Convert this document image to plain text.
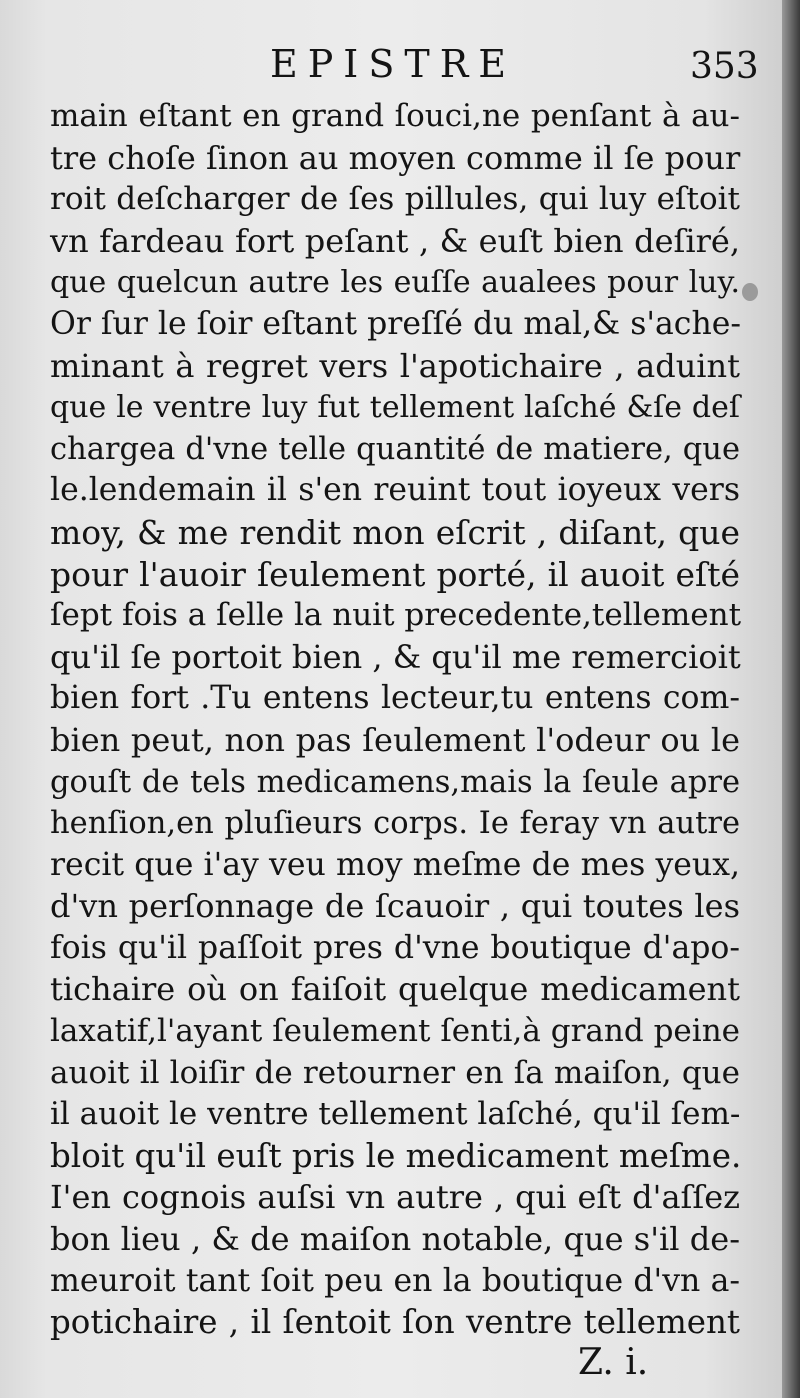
EPISTRE	353
main eſtant en grand ſouci,ne penſant à au-
tre choſe ſinon au moyen comme il ſe pour
roit deſcharger de ſes pillules, qui luy eſtoit
vn fardeau fort peſant , & euſt bien deſiré,
que quelcun autre les euſſe aualees pour luy.
Or ſur le ſoir eſtant preſſé du mal,& s'ache-
minant à regret vers l'apotichaire , aduint
que le ventre luy fut tellement laſché &ſe deſ
chargea d'vne telle quantité de matiere, que
le.lendemain il s'en reuint tout ioyeux vers
moy, & me rendit mon eſcrit , diſant, que
pour l'auoir ſeulement porté, il auoit eſté
ſept fois a ſelle la nuit precedente,tellement
qu'il ſe portoit bien , & qu'il me remercioit
bien fort .Tu entens lecteur,tu entens com-
bien peut, non pas ſeulement l'odeur ou le
gouſt de tels medicamens,mais la ſeule apre
henſion,en pluſieurs corps. Ie feray vn autre
recit que i'ay veu moy meſme de mes yeux,
d'vn perſonnage de ſcauoir , qui toutes les
fois qu'il paſſoit pres d'vne boutique d'apo-
tichaire où on faiſoit quelque medicament
laxatif,l'ayant ſeulement ſenti,à grand peine
auoit il loiſir de retourner en ſa maiſon, que
il auoit le ventre tellement laſché, qu'il ſem-
bloit qu'il euſt pris le medicament meſme.
I'en cognois auſsi vn autre , qui eſt d'aſſez
bon lieu , & de maiſon notable, que s'il de-
meuroit tant ſoit peu en la boutique d'vn a-
potichaire , il ſentoit ſon ventre tellement
Z. i.
